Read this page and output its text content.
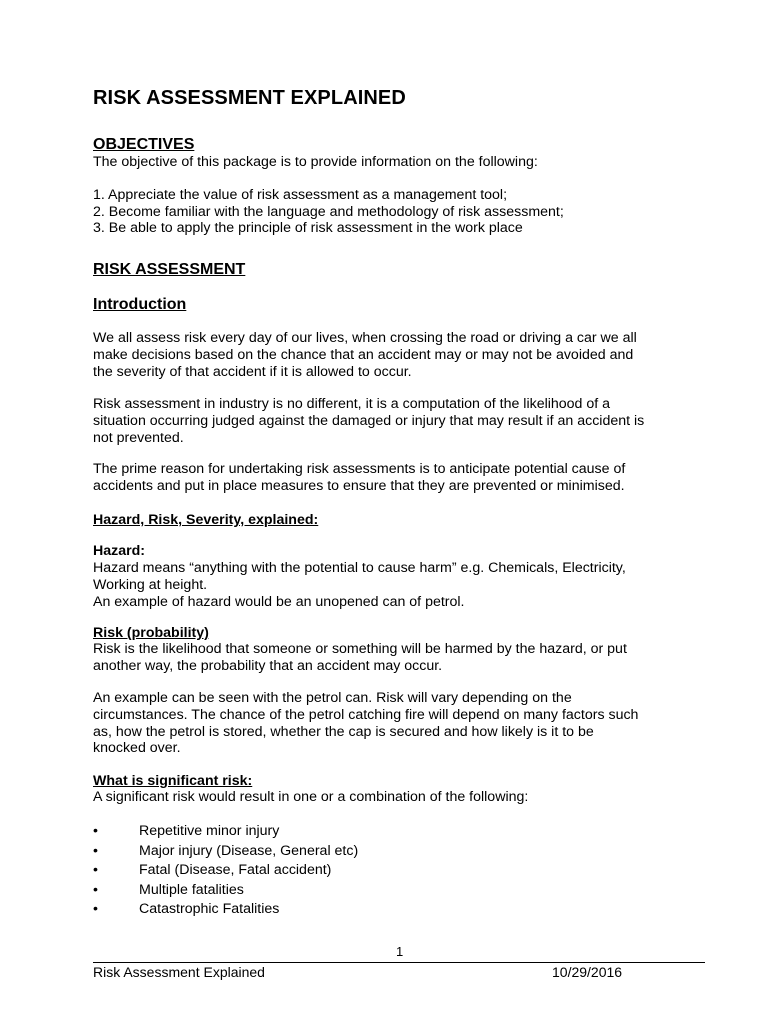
RISK ASSESSMENT EXPLAINED
OBJECTIVES
The objective of this package is to provide information on the following:
1. Appreciate the value of risk assessment as a management tool;
2. Become familiar with the language and methodology of risk assessment;
3. Be able to apply the principle of risk assessment in the work place
RISK ASSESSMENT
Introduction
We all assess risk every day of our lives, when crossing the road or driving a car we all
make decisions based on the chance that an accident may or may not be avoided and
the severity of that accident if it is allowed to occur.
Risk assessment in industry is no different, it is a computation of the likelihood of a
situation occurring judged against the damaged or injury that may result if an accident is
not prevented.
The prime reason for undertaking risk assessments is to anticipate potential cause of
accidents and put in place measures to ensure that they are prevented or minimised.
Hazard, Risk, Severity, explained:
Hazard:
Hazard means “anything with the potential to cause harm” e.g. Chemicals, Electricity,
Working at height.
An example of hazard would be an unopened can of petrol.
Risk (probability)
Risk is the likelihood that someone or something will be harmed by the hazard, or put
another way, the probability that an accident may occur.
An example can be seen with the petrol can. Risk will vary depending on the
circumstances. The chance of the petrol catching fire will depend on many factors such
as, how the petrol is stored, whether the cap is secured and how likely is it to be
knocked over.
What is significant risk:
A significant risk would result in one or a combination of the following:
•	Repetitive minor injury
•	Major injury (Disease, General etc)
•	Fatal (Disease, Fatal accident)
•	Multiple fatalities
•	Catastrophic Fatalities
1
Risk Assessment Explained	10/29/2016
